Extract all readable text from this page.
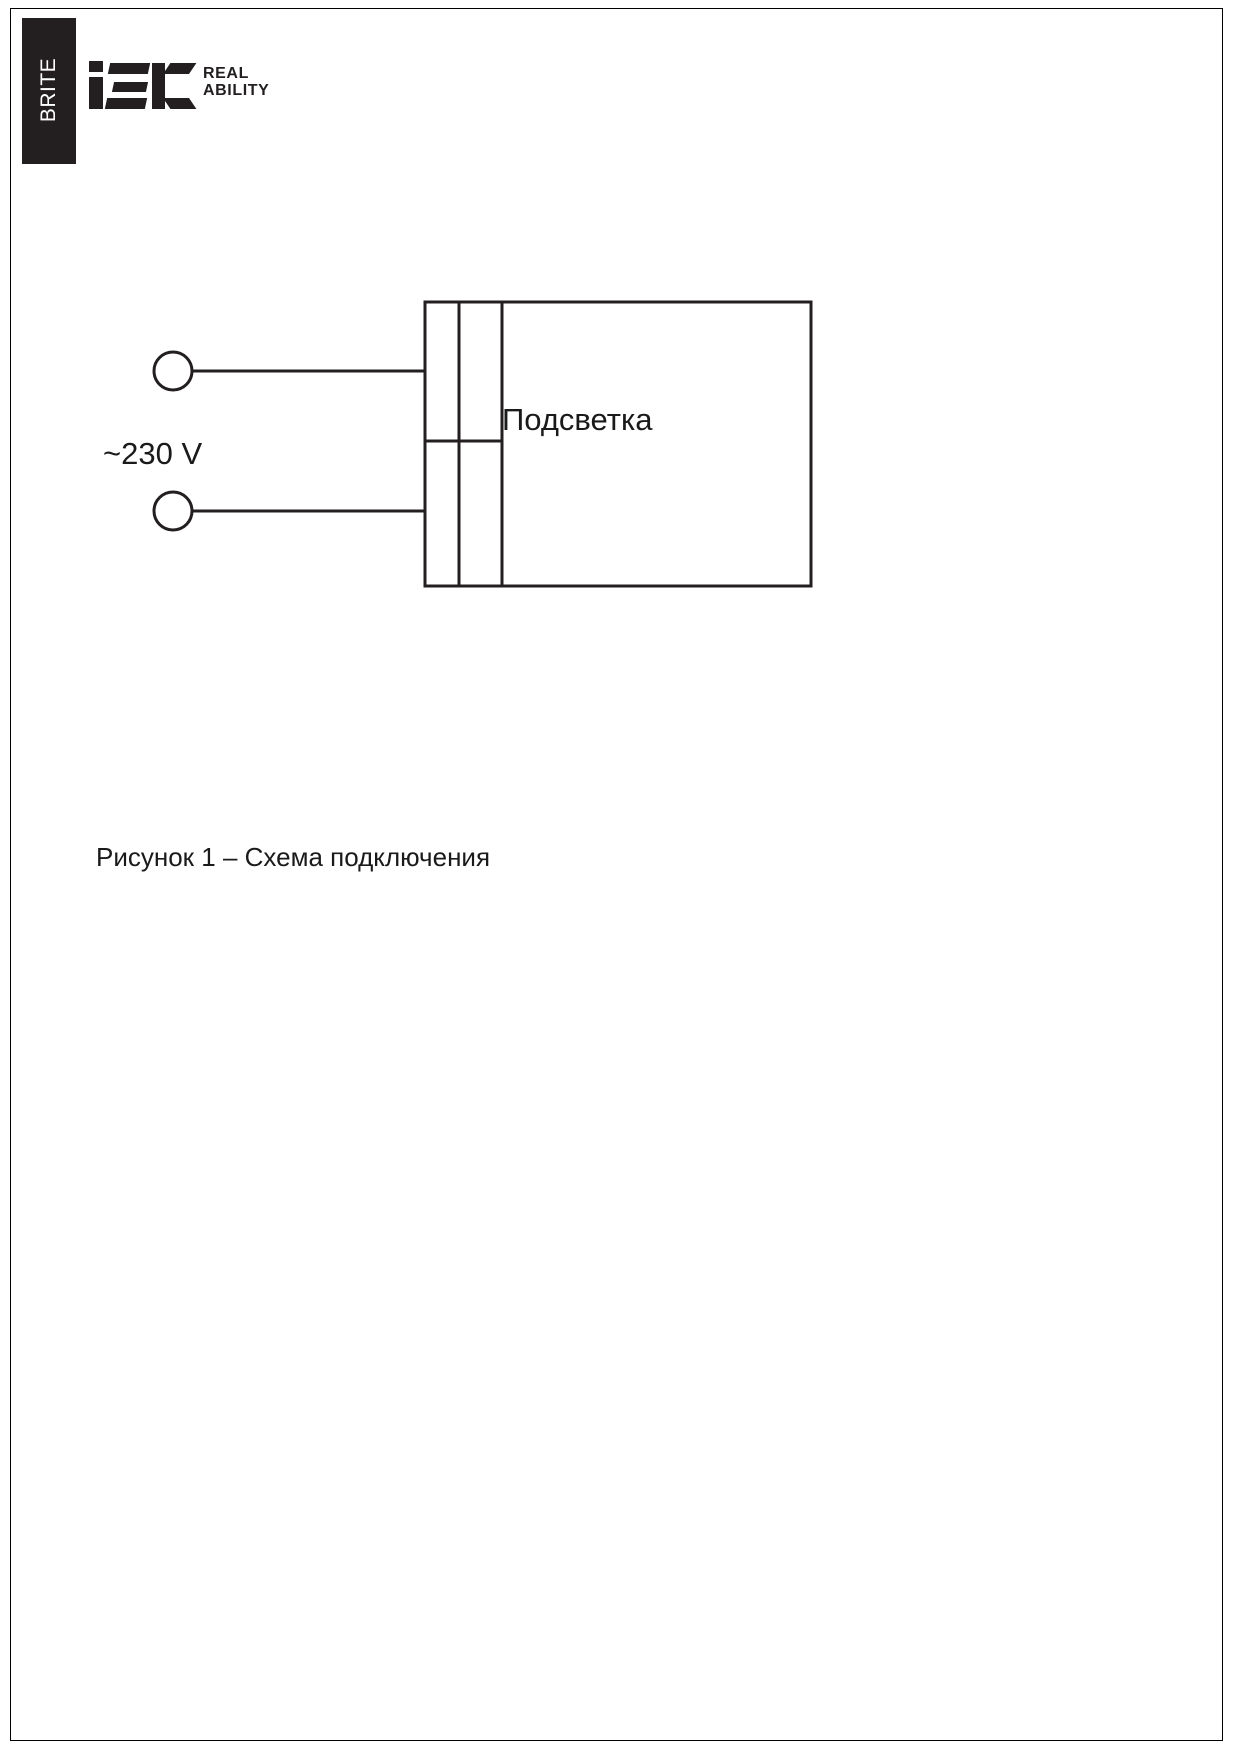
BRITE	REAL
ABILITY
~230 V
Подсветка
Рисунок 1 – Схема подключения
